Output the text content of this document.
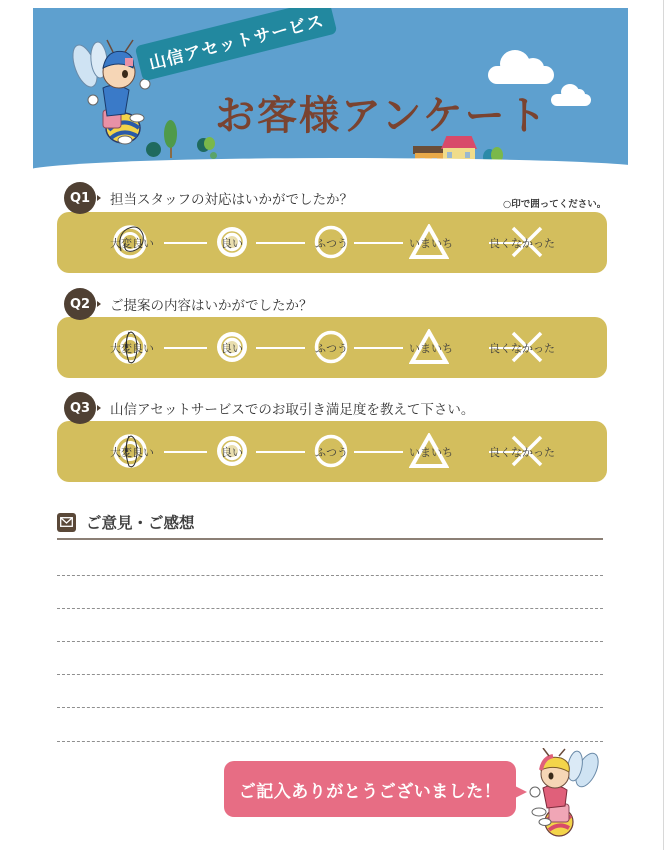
山信アセットサービス
お客様アンケート
○印で囲ってください。
Q1 担当スタッフの対応はいかがでしたか？
大変良い	良い	ふつう	いまいち	良くなかった
Q2 ご提案の内容はいかがでしたか？
大変良い	良い	ふつう	いまいち	良くなかった
Q3 山信アセットサービスでのお取引き満足度を教えて下さい。
大変良い	良い	ふつう	いまいち	良くなかった
ご意見・ご感想
ご記入ありがとうございました！
